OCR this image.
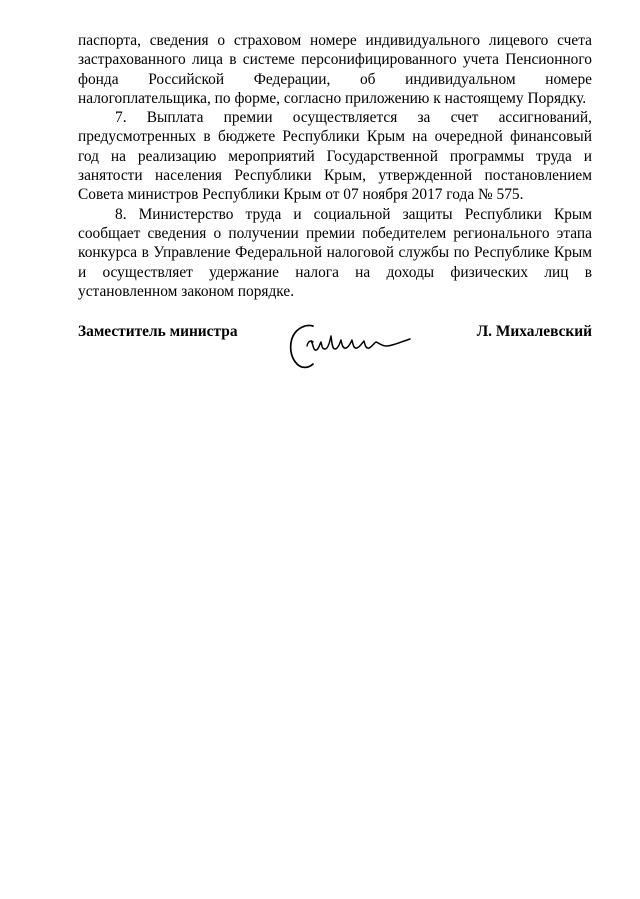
паспорта, сведения о страховом номере индивидуального лицевого счета застрахованного лица в системе персонифицированного учета Пенсионного фонда Российской Федерации, об индивидуальном номере налогоплательщика, по форме, согласно приложению к настоящему Порядку.

7. Выплата премии осуществляется за счет ассигнований, предусмотренных в бюджете Республики Крым на очередной финансовый год на реализацию мероприятий Государственной программы труда и занятости населения Республики Крым, утвержденной постановлением Совета министров Республики Крым от 07 ноября 2017 года № 575.

8. Министерство труда и социальной защиты Республики Крым сообщает сведения о получении премии победителем регионального этапа конкурса в Управление Федеральной налоговой службы по Республике Крым и осуществляет удержание налога на доходы физических лиц в установленном законом порядке.

Заместитель министра	Л. Михалевский
